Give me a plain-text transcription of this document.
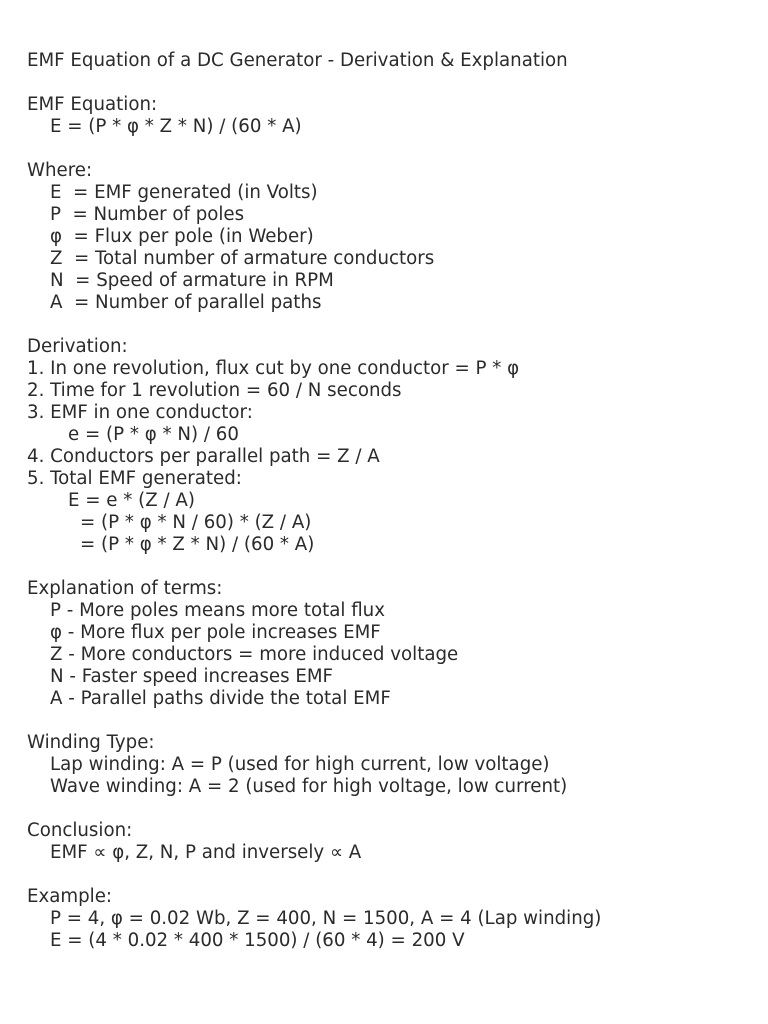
EMF Equation of a DC Generator - Derivation & Explanation
EMF Equation:
E = (P * φ * Z * N) / (60 * A)
Where:
E  = EMF generated (in Volts)
P  = Number of poles
φ  = Flux per pole (in Weber)
Z  = Total number of armature conductors
N  = Speed of armature in RPM
A  = Number of parallel paths
Derivation:
1. In one revolution, flux cut by one conductor = P * φ
2. Time for 1 revolution = 60 / N seconds
3. EMF in one conductor:
e = (P * φ * N) / 60
4. Conductors per parallel path = Z / A
5. Total EMF generated:
E = e * (Z / A)
= (P * φ * N / 60) * (Z / A)
= (P * φ * Z * N) / (60 * A)
Explanation of terms:
P - More poles means more total flux
φ - More flux per pole increases EMF
Z - More conductors = more induced voltage
N - Faster speed increases EMF
A - Parallel paths divide the total EMF
Winding Type:
Lap winding: A = P (used for high current, low voltage)
Wave winding: A = 2 (used for high voltage, low current)
Conclusion:
EMF ∝ φ, Z, N, P and inversely ∝ A
Example:
P = 4, φ = 0.02 Wb, Z = 400, N = 1500, A = 4 (Lap winding)
E = (4 * 0.02 * 400 * 1500) / (60 * 4) = 200 V
